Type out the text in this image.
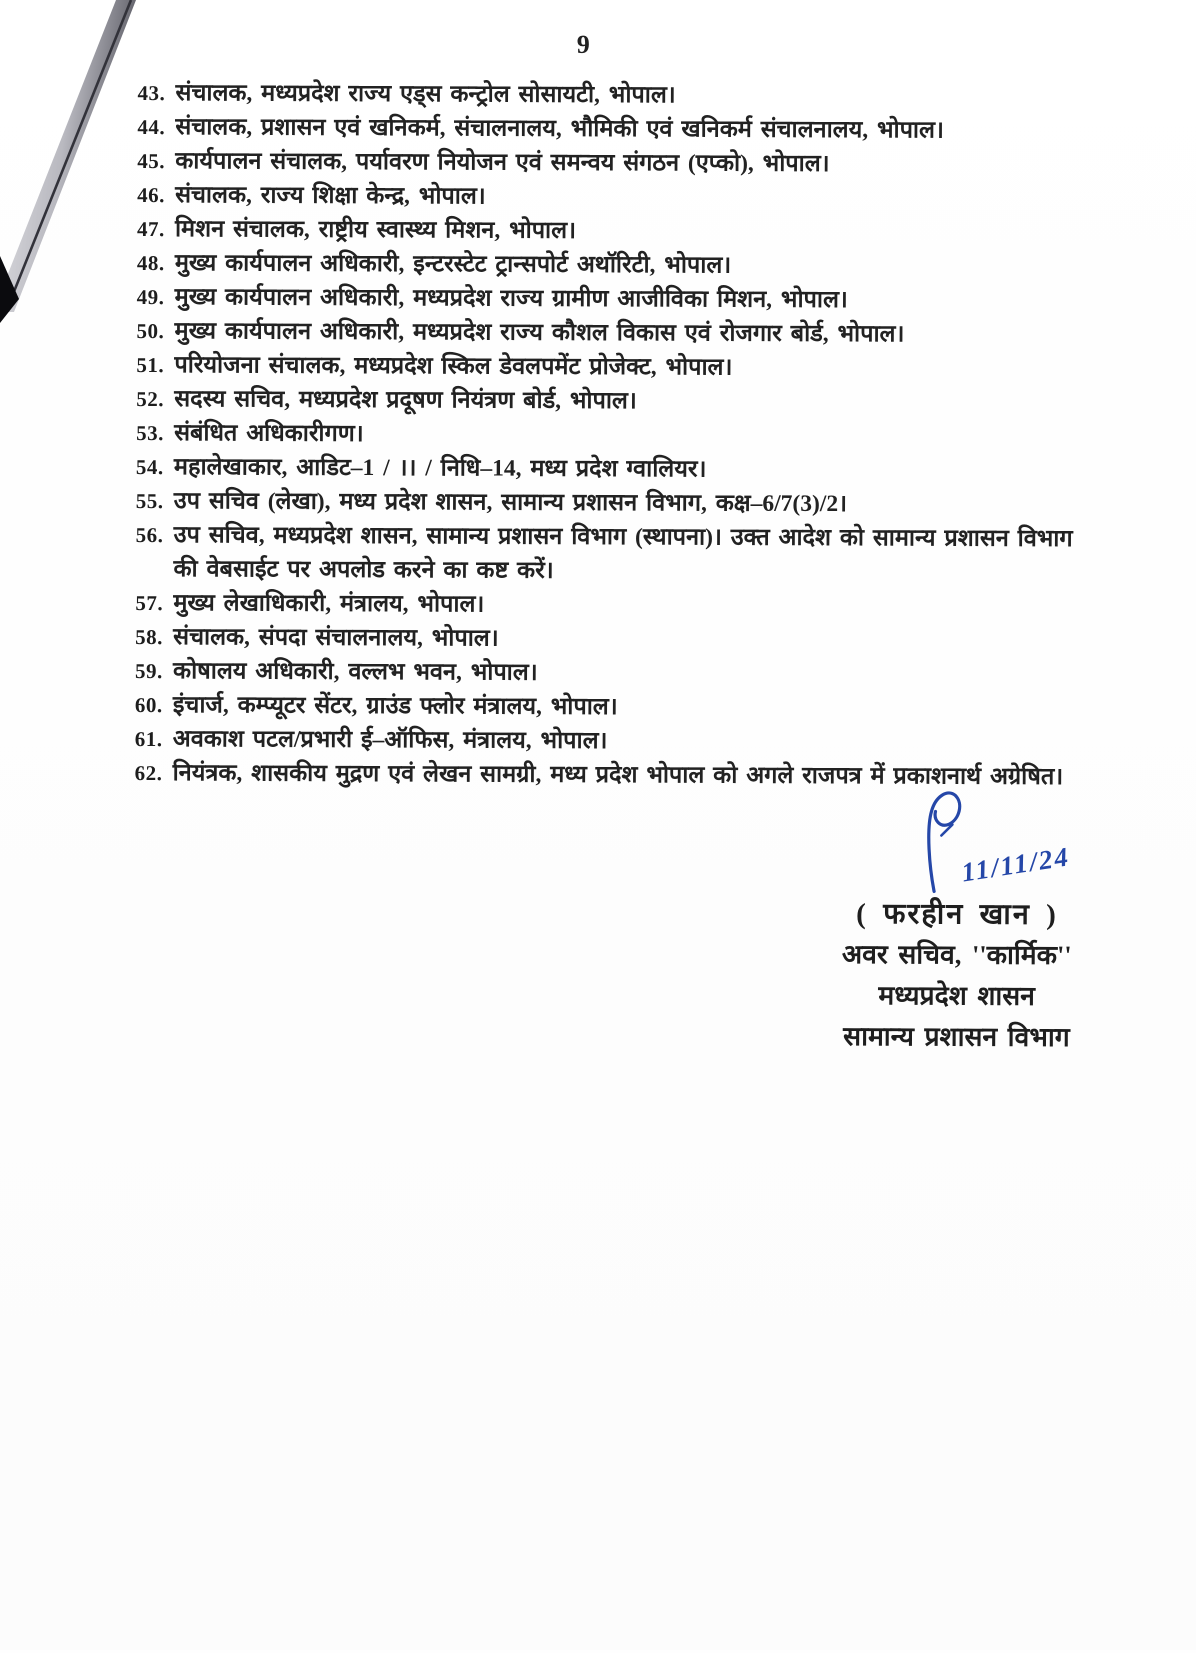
9
43. संचालक, मध्यप्रदेश राज्य एड्स कन्ट्रोल सोसायटी, भोपाल।
44. संचालक, प्रशासन एवं खनिकर्म, संचालनालय, भौमिकी एवं खनिकर्म संचालनालय, भोपाल।
45. कार्यपालन संचालक, पर्यावरण नियोजन एवं समन्वय संगठन (एप्को), भोपाल।
46. संचालक, राज्य शिक्षा केन्द्र, भोपाल।
47. मिशन संचालक, राष्ट्रीय स्वास्थ्य मिशन, भोपाल।
48. मुख्य कार्यपालन अधिकारी, इन्टरस्टेट ट्रान्सपोर्ट अथॉरिटी, भोपाल।
49. मुख्य कार्यपालन अधिकारी, मध्यप्रदेश राज्य ग्रामीण आजीविका मिशन, भोपाल।
50. मुख्य कार्यपालन अधिकारी, मध्यप्रदेश राज्य कौशल विकास एवं रोजगार बोर्ड, भोपाल।
51. परियोजना संचालक, मध्यप्रदेश स्किल डेवलपमेंट प्रोजेक्ट, भोपाल।
52. सदस्य सचिव, मध्यप्रदेश प्रदूषण नियंत्रण बोर्ड, भोपाल।
53. संबंधित अधिकारीगण।
54. महालेखाकार, आडिट–1 / ।। / निधि–14, मध्य प्रदेश ग्वालियर।
55. उप सचिव (लेखा), मध्य प्रदेश शासन, सामान्य प्रशासन विभाग, कक्ष–6/7(3)/2।
56. उप सचिव, मध्यप्रदेश शासन, सामान्य प्रशासन विभाग (स्थापना)। उक्त आदेश को सामान्य प्रशासन विभाग की वेबसाईट पर अपलोड करने का कष्ट करें।
57. मुख्य लेखाधिकारी, मंत्रालय, भोपाल।
58. संचालक, संपदा संचालनालय, भोपाल।
59. कोषालय अधिकारी, वल्लभ भवन, भोपाल।
60. इंचार्ज, कम्प्यूटर सेंटर, ग्राउंड फ्लोर मंत्रालय, भोपाल।
61. अवकाश पटल/प्रभारी ई–ऑफिस, मंत्रालय, भोपाल।
62. नियंत्रक, शासकीय मुद्रण एवं लेखन सामग्री, मध्य प्रदेश भोपाल को अगले राजपत्र में प्रकाशनार्थ अग्रेषित।
11/11/24
( फरहीन खान )
अवर सचिव, ''कार्मिक''
मध्यप्रदेश शासन
सामान्य प्रशासन विभाग
